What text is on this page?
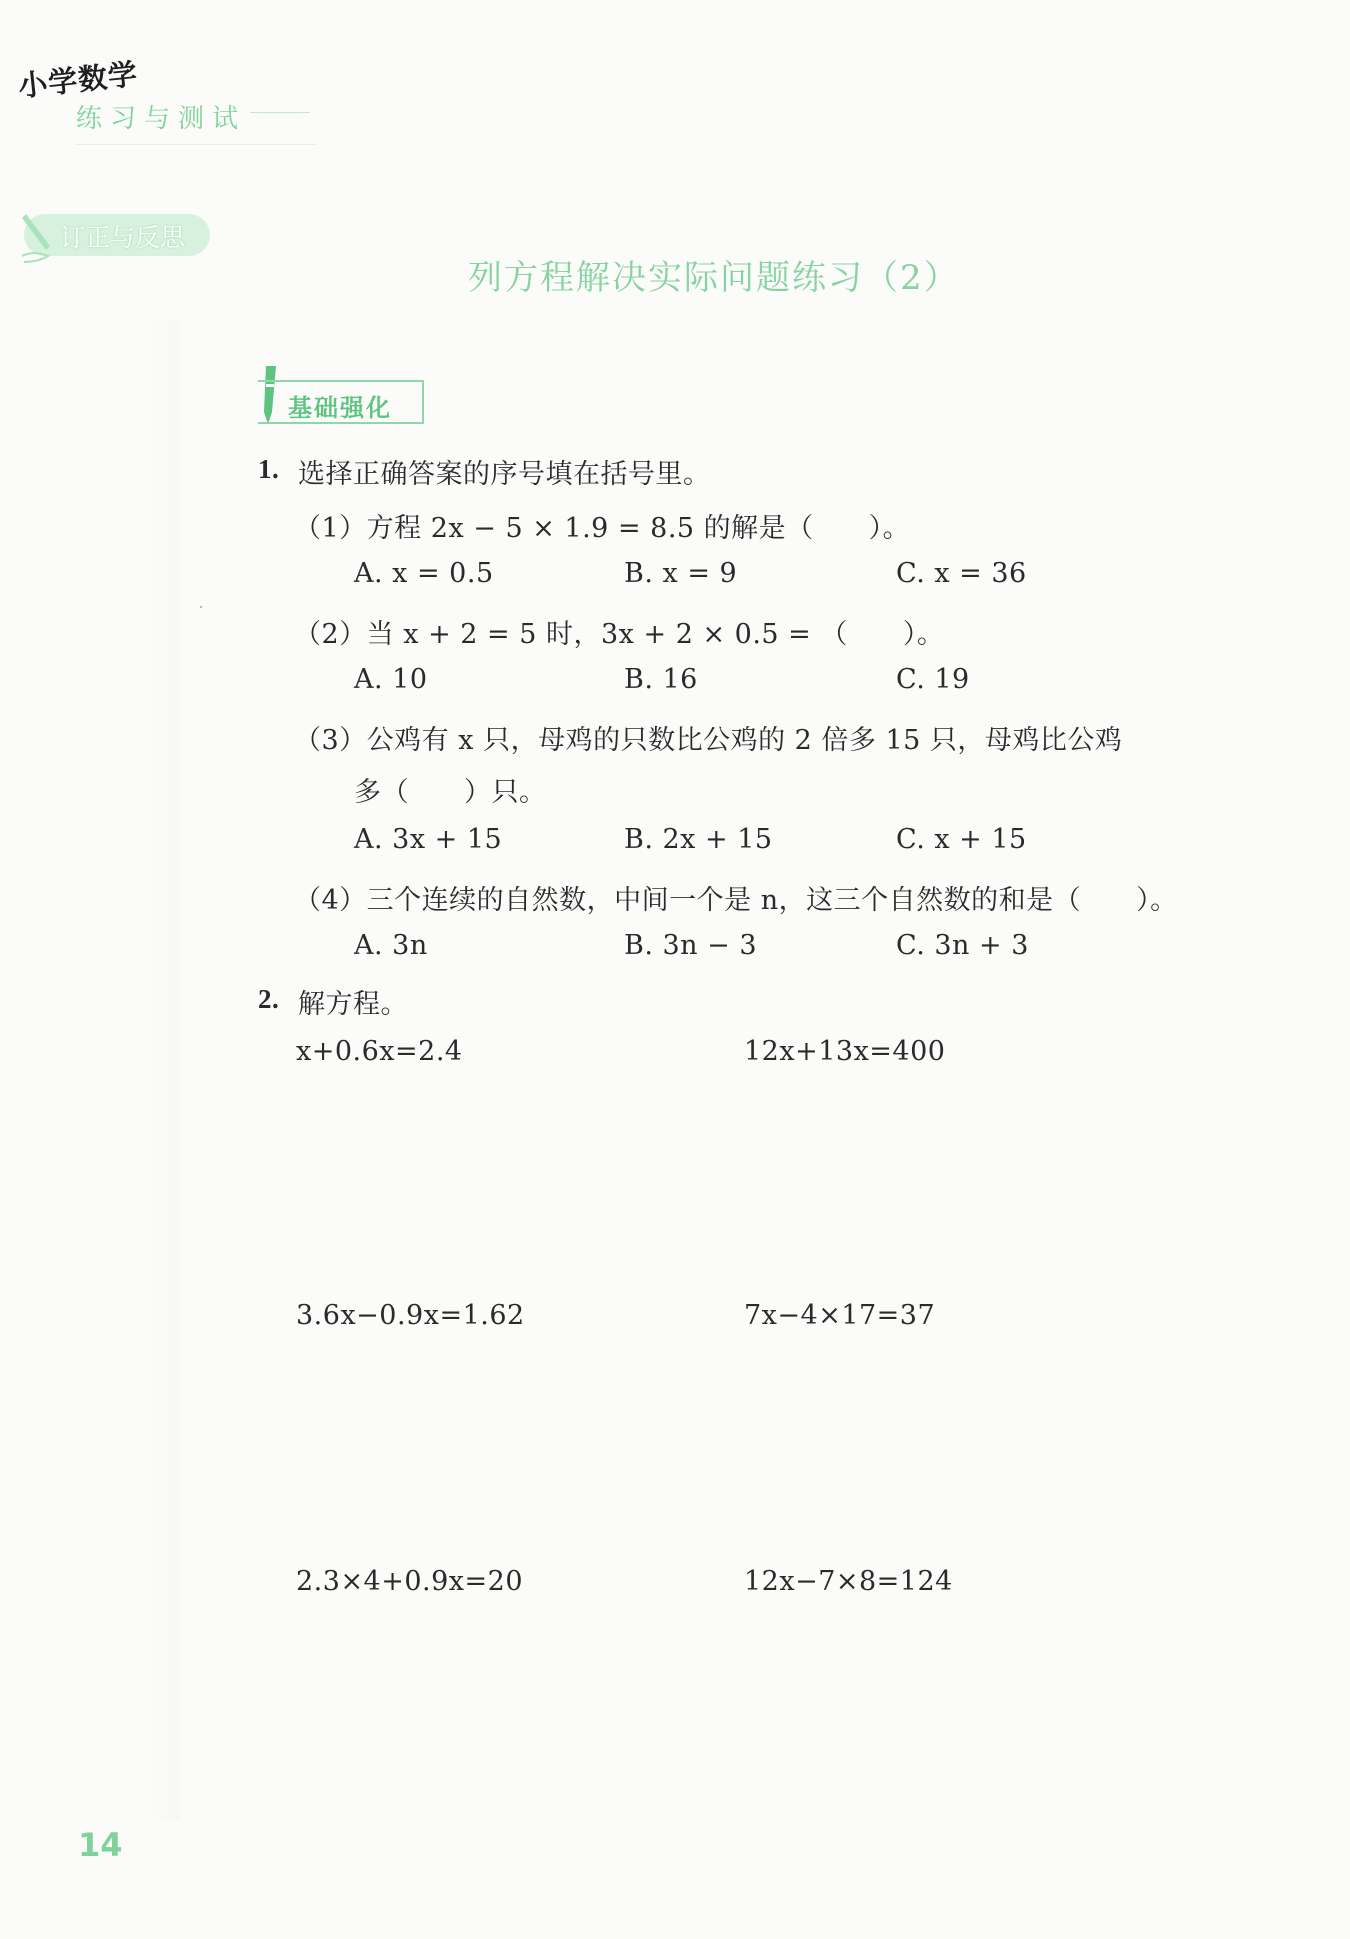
小学数学
练习与测试
订正与反思
列方程解决实际问题练习（2）
基础强化
1. 选择正确答案的序号填在括号里。
（1）方程 2x − 5 × 1.9 = 8.5 的解是（　　）。
A. x = 0.5	B. x = 9	C. x = 36
（2）当 x + 2 = 5 时，3x + 2 × 0.5 = （　　）。
A. 10	B. 16	C. 19
（3）公鸡有 x 只，母鸡的只数比公鸡的 2 倍多 15 只，母鸡比公鸡
多（　　）只。
A. 3x + 15	B. 2x + 15	C. x + 15
（4）三个连续的自然数，中间一个是 n，这三个自然数的和是（　　）。
A. 3n	B. 3n − 3	C. 3n + 3
2. 解方程。
x+0.6x=2.4	12x+13x=400
3.6x−0.9x=1.62	7x−4×17=37
2.3×4+0.9x=20	12x−7×8=124
14
